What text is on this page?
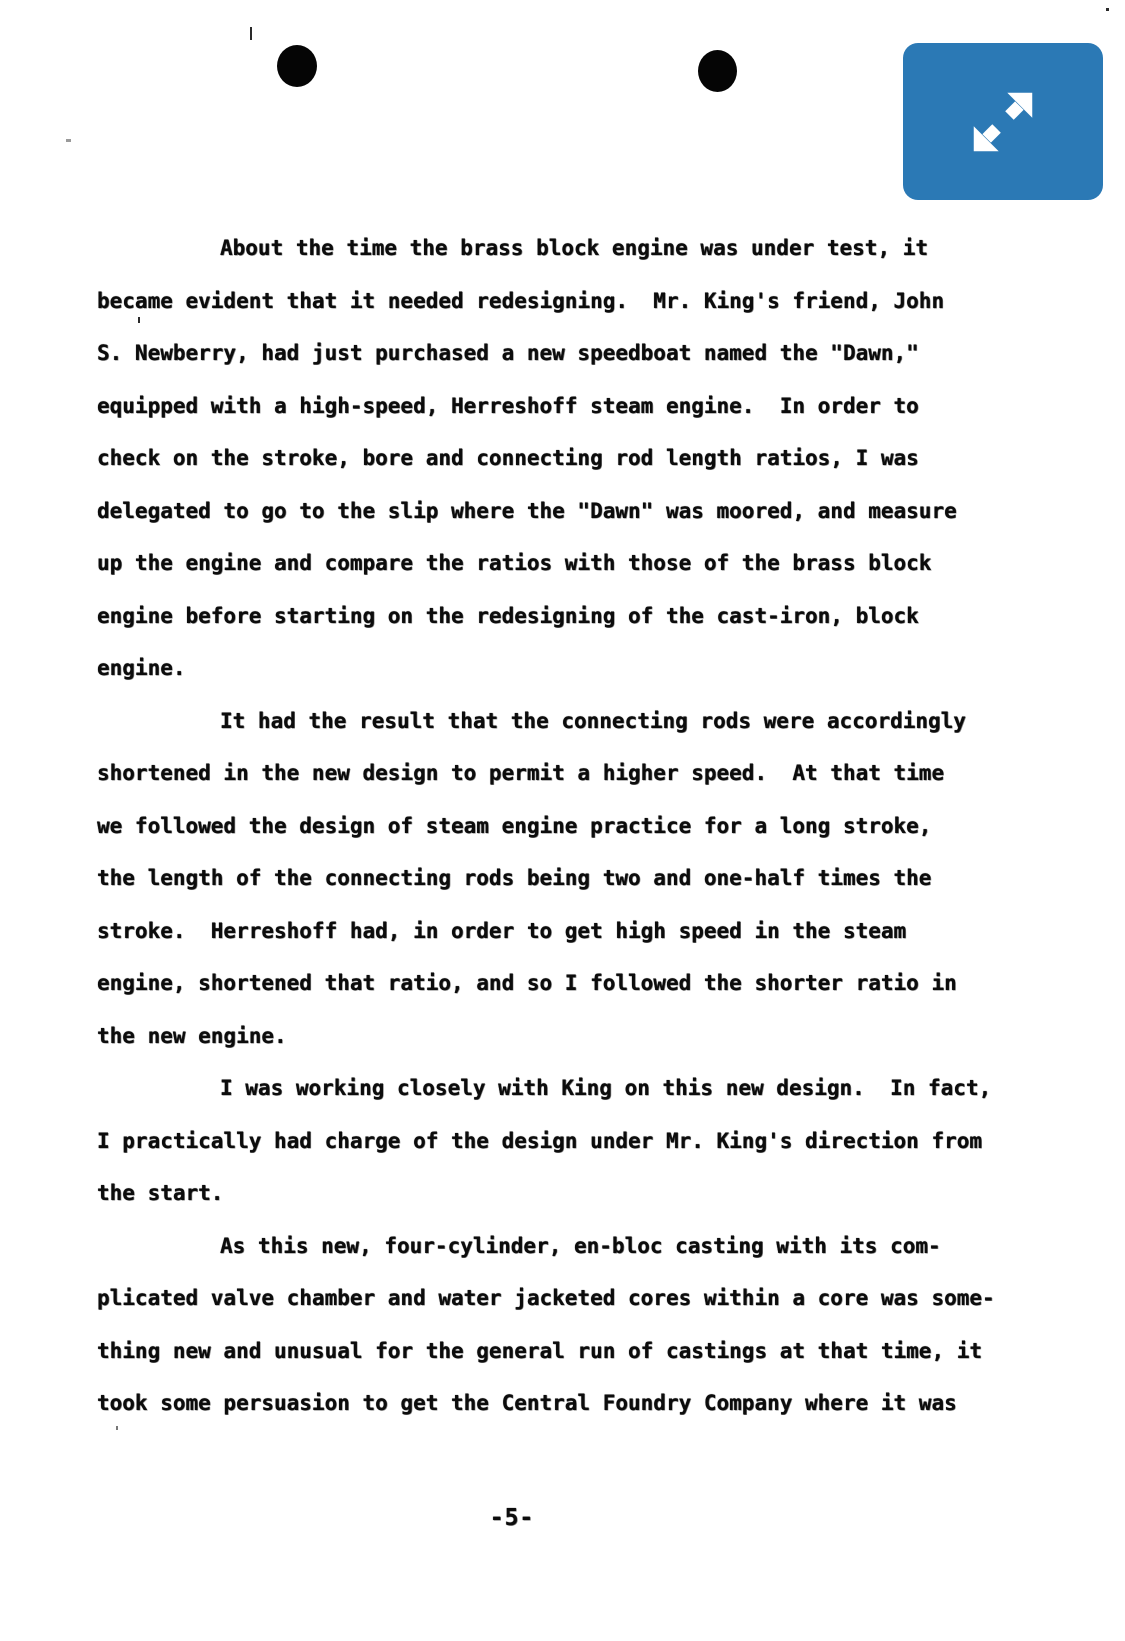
About the time the brass block engine was under test, it
became evident that it needed redesigning.  Mr. King's friend, John
S. Newberry, had just purchased a new speedboat named the "Dawn,"
equipped with a high-speed, Herreshoff steam engine.  In order to
check on the stroke, bore and connecting rod length ratios, I was
delegated to go to the slip where the "Dawn" was moored, and measure
up the engine and compare the ratios with those of the brass block
engine before starting on the redesigning of the cast-iron, block
engine.
It had the result that the connecting rods were accordingly
shortened in the new design to permit a higher speed.  At that time
we followed the design of steam engine practice for a long stroke,
the length of the connecting rods being two and one-half times the
stroke.  Herreshoff had, in order to get high speed in the steam
engine, shortened that ratio, and so I followed the shorter ratio in
the new engine.
I was working closely with King on this new design.  In fact,
I practically had charge of the design under Mr. King's direction from
the start.
As this new, four-cylinder, en-bloc casting with its com-
plicated valve chamber and water jacketed cores within a core was some-
thing new and unusual for the general run of castings at that time, it
took some persuasion to get the Central Foundry Company where it was
-5-
